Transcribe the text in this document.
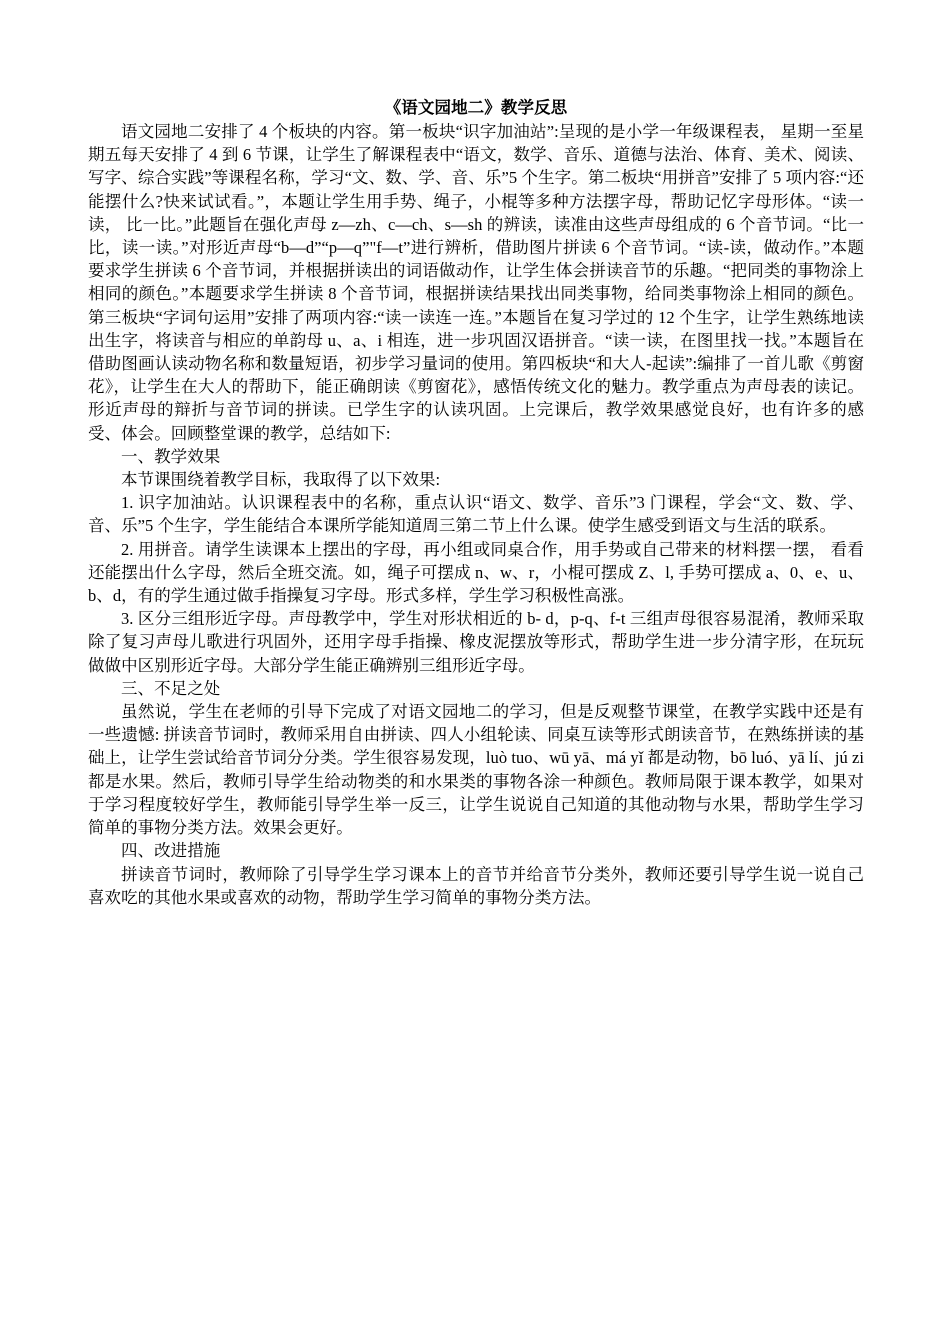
《语文园地二》教学反思

语文园地二安排了 4 个板块的内容。第一板块“识字加油站”:呈现的是小学一年级课程表， 星期一至星期五每天安排了 4 到 6 节课，让学生了解课程表中“语文，数学、音乐、道德与法治、体育、美术、阅读、写字、综合实践”等课程名称，学习“文、数、学、音、乐”5 个生字。第二板块“用拼音”安排了 5 项内容:“还能摆什么?快来试试看。”，本题让学生用手势、绳子，小棍等多种方法摆字母，帮助记忆字母形体。“读一读， 比一比。”此题旨在强化声母 z—zh、c—ch、s—sh 的辨读，读准由这些声母组成的 6 个音节词。“比一比，读一读。”对形近声母“b—d”“p—q”"f—t”进行辨析，借助图片拼读 6 个音节词。“读-读，做动作。”本题要求学生拼读 6 个音节词，并根据拼读出的词语做动作，让学生体会拼读音节的乐趣。“把同类的事物涂上相同的颜色。”本题要求学生拼读 8 个音节词，根据拼读结果找出同类事物，给同类事物涂上相同的颜色。第三板块“字词句运用”安排了两项内容:“读一读连一连。”本题旨在复习学过的 12 个生字，让学生熟练地读出生字，将读音与相应的单韵母 u、a、i 相连，进一步巩固汉语拼音。“读一读，在图里找一找。”本题旨在借助图画认读动物名称和数量短语，初步学习量词的使用。第四板块“和大人-起读”:编排了一首儿歌《剪窗花》，让学生在大人的帮助下，能正确朗读《剪窗花》，感悟传统文化的魅力。教学重点为声母表的读记。 形近声母的辩折与音节词的拼读。已学生字的认读巩固。上完课后，教学效果感觉良好，也有许多的感受、体会。回顾整堂课的教学，总结如下:

一、教学效果

本节课围绕着教学目标，我取得了以下效果:

1. 识字加油站。认识课程表中的名称，重点认识“语文、数学、音乐”3 门课程，学会“文、数、学、音、乐”5 个生字，学生能结合本课所学能知道周三第二节上什么课。使学生感受到语文与生活的联系。

2. 用拼音。请学生读课本上摆出的字母，再小组或同桌合作，用手势或自己带来的材料摆一摆， 看看还能摆出什么字母，然后全班交流。如，绳子可摆成 n、w、r，小棍可摆成 Z、l, 手势可摆成 a、0、e、u、b、d，有的学生通过做手指操复习字母。形式多样，学生学习积极性高涨。

3. 区分三组形近字母。声母教学中，学生对形状相近的 b- d，p-q、f-t 三组声母很容易混淆，教师采取除了复习声母儿歌进行巩固外，还用字母手指操、橡皮泥摆放等形式，帮助学生进一步分清字形，在玩玩做做中区别形近字母。大部分学生能正确辨别三组形近字母。

三、不足之处

虽然说，学生在老师的引导下完成了对语文园地二的学习，但是反观整节课堂，在教学实践中还是有一些遗憾: 拼读音节词时，教师采用自由拼读、四人小组轮读、同桌互读等形式朗读音节，在熟练拼读的基础上，让学生尝试给音节词分分类。学生很容易发现，luò tuo、wū yā、má yǐ 都是动物，bō luó、yā lí、jú zi 都是水果。然后，教师引导学生给动物类的和水果类的事物各涂一种颜色。教师局限于课本教学，如果对于学习程度较好学生，教师能引导学生举一反三，让学生说说自己知道的其他动物与水果，帮助学生学习简单的事物分类方法。效果会更好。

四、改进措施

拼读音节词时，教师除了引导学生学习课本上的音节并给音节分类外，教师还要引导学生说一说自己喜欢吃的其他水果或喜欢的动物，帮助学生学习简单的事物分类方法。
